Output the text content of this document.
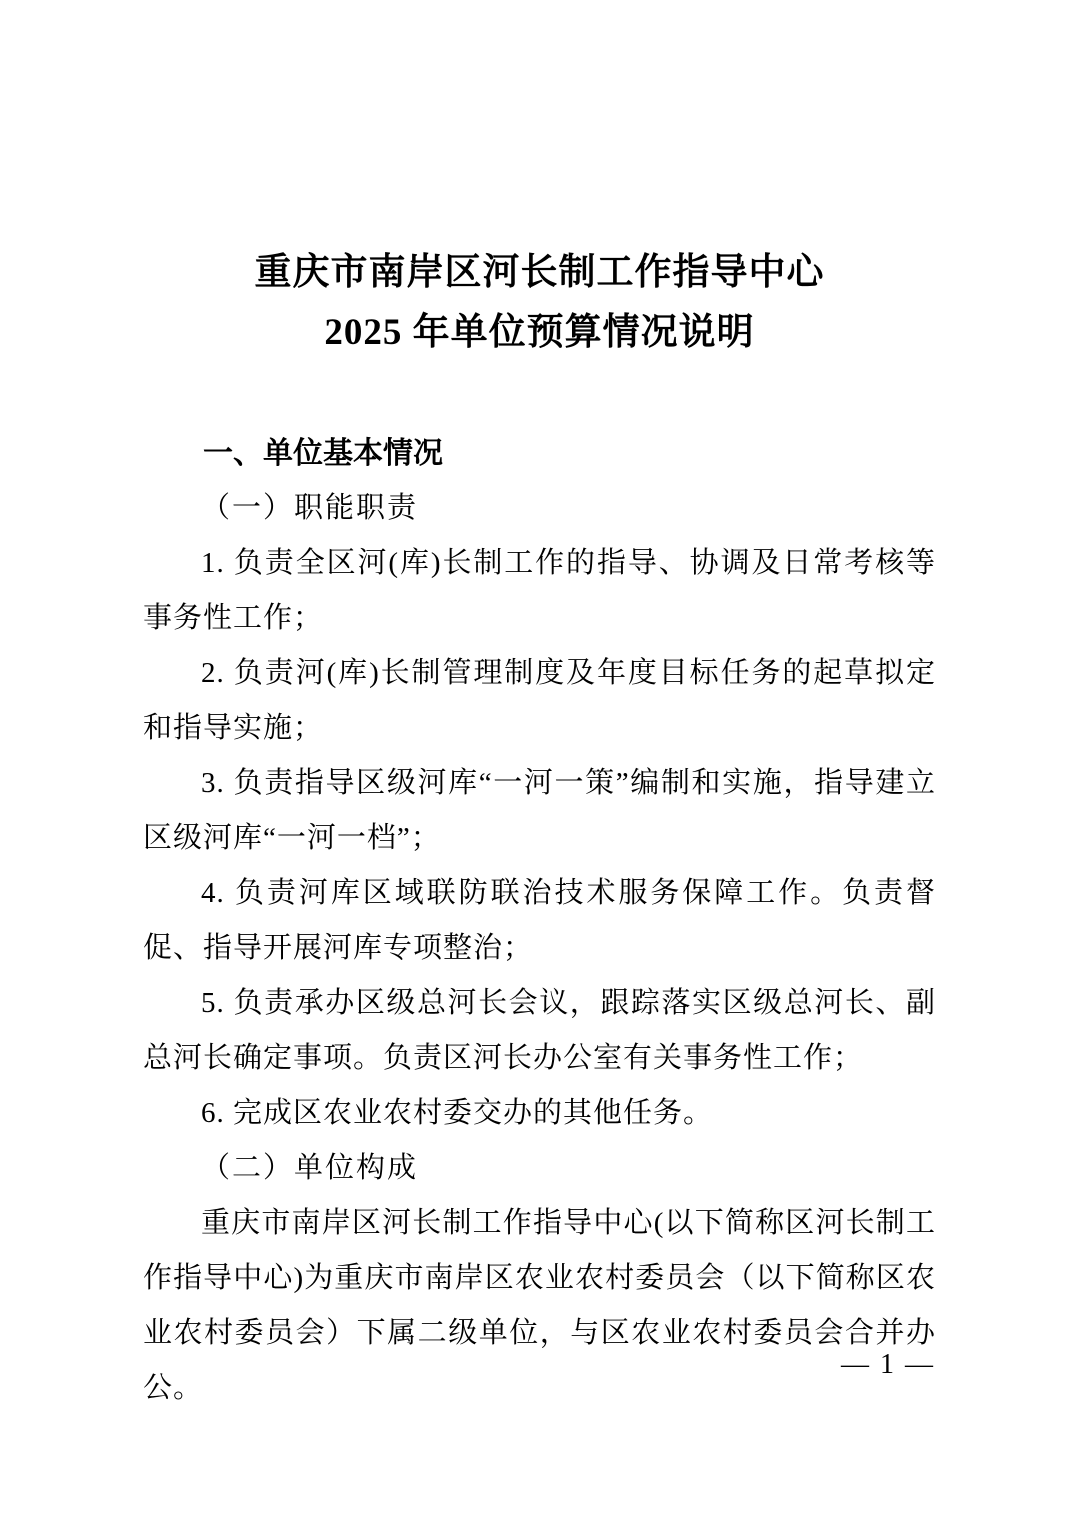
重庆市南岸区河长制工作指导中心
2025 年单位预算情况说明

一、单位基本情况

（一）职能职责

1. 负责全区河(库)长制工作的指导、协调及日常考核等事务性工作；

2. 负责河(库)长制管理制度及年度目标任务的起草拟定和指导实施；

3. 负责指导区级河库“一河一策”编制和实施，指导建立区级河库“一河一档”；

4. 负责河库区域联防联治技术服务保障工作。负责督促、指导开展河库专项整治；

5. 负责承办区级总河长会议，跟踪落实区级总河长、副总河长确定事项。负责区河长办公室有关事务性工作；

6. 完成区农业农村委交办的其他任务。

（二）单位构成

重庆市南岸区河长制工作指导中心(以下简称区河长制工作指导中心)为重庆市南岸区农业农村委员会（以下简称区农业农村委员会）下属二级单位，与区农业农村委员会合并办公。

— 1 —
